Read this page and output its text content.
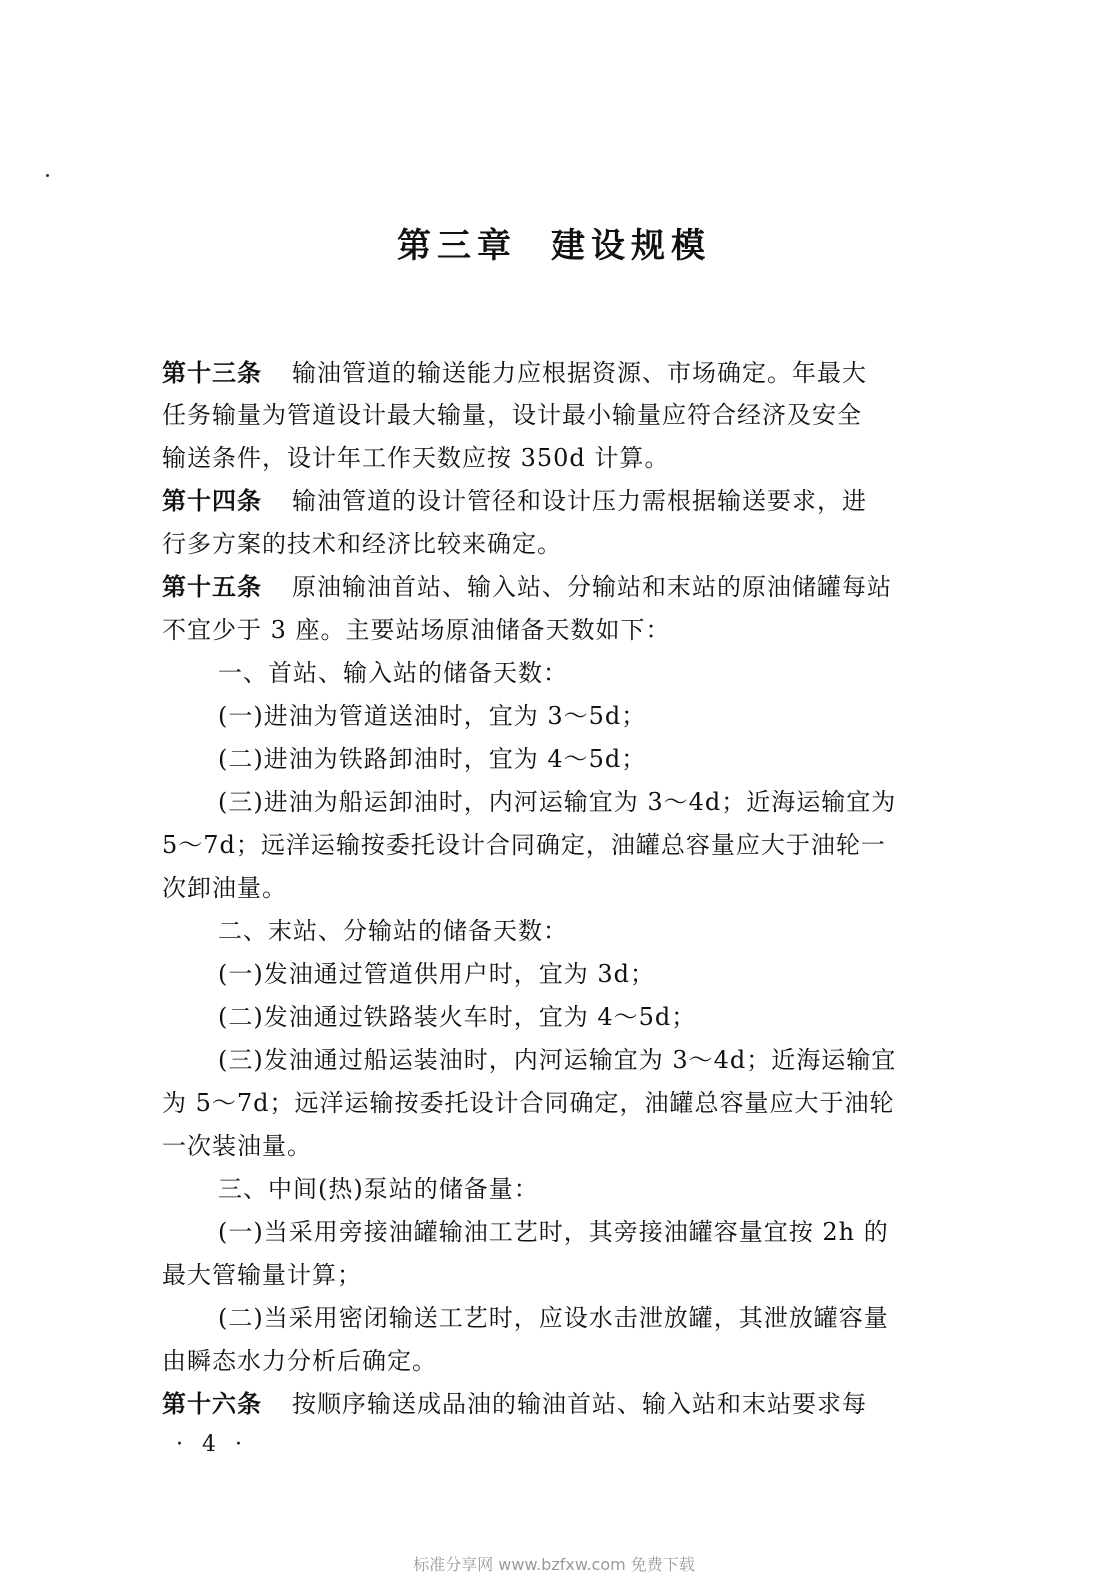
第三章 建设规模
第十三条 输油管道的输送能力应根据资源、市场确定。年最大
任务输量为管道设计最大输量，设计最小输量应符合经济及安全
输送条件，设计年工作天数应按 350d 计算。
第十四条 输油管道的设计管径和设计压力需根据输送要求，进
行多方案的技术和经济比较来确定。
第十五条 原油输油首站、输入站、分输站和末站的原油储罐每站
不宜少于 3 座。主要站场原油储备天数如下：
一、首站、输入站的储备天数：
(一)进油为管道送油时，宜为 3～5d；
(二)进油为铁路卸油时，宜为 4～5d；
(三)进油为船运卸油时，内河运输宜为 3～4d；近海运输宜为
5～7d；远洋运输按委托设计合同确定，油罐总容量应大于油轮一
次卸油量。
二、末站、分输站的储备天数：
(一)发油通过管道供用户时，宜为 3d；
(二)发油通过铁路装火车时，宜为 4～5d；
(三)发油通过船运装油时，内河运输宜为 3～4d；近海运输宜
为 5～7d；远洋运输按委托设计合同确定，油罐总容量应大于油轮
一次装油量。
三、中间(热)泵站的储备量：
(一)当采用旁接油罐输油工艺时，其旁接油罐容量宜按 2h 的
最大管输量计算；
(二)当采用密闭输送工艺时，应设水击泄放罐，其泄放罐容量
由瞬态水力分析后确定。
第十六条 按顺序输送成品油的输油首站、输入站和末站要求每
· 4 ·
标准分享网 www.bzfxw.com 免费下载
